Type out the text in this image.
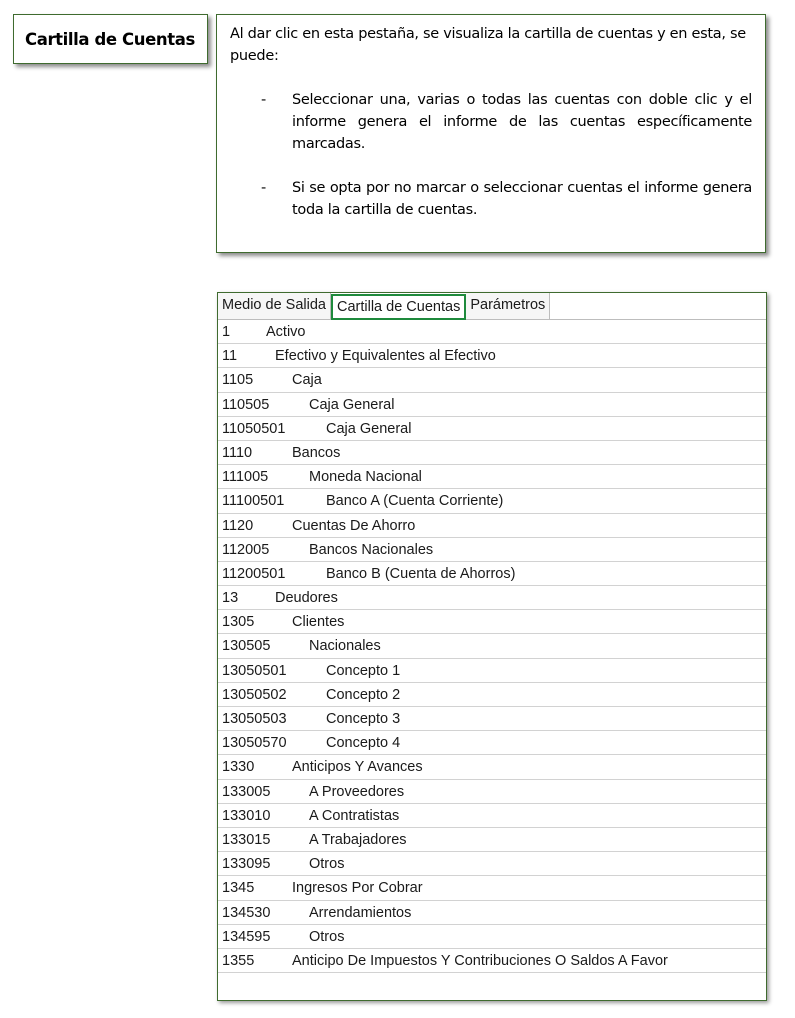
Cartilla de Cuentas Al dar clic en esta pestaña, se visualiza la cartilla de cuentas y en esta, se puede:

-	Seleccionar una, varias o todas las cuentas con doble clic y el informe genera el informe de las cuentas específicamente marcadas.
-	Si se opta por no marcar o seleccionar cuentas el informe genera toda la cartilla de cuentas.
Medio de Salida Cartilla de Cuentas Parámetros
1	Activo
11	Efectivo y Equivalentes al Efectivo
1105	Caja
110505	Caja General
11050501	Caja General
1110	Bancos
111005	Moneda Nacional
11100501	Banco A (Cuenta Corriente)
1120	Cuentas De Ahorro
112005	Bancos Nacionales
11200501	Banco B (Cuenta de Ahorros)
13	Deudores
1305	Clientes
130505	Nacionales
13050501	Concepto 1
13050502	Concepto 2
13050503	Concepto 3
13050570	Concepto 4
1330	Anticipos Y Avances
133005	A Proveedores
133010	A Contratistas
133015	A Trabajadores
133095	Otros
1345	Ingresos Por Cobrar
134530	Arrendamientos
134595	Otros
1355	Anticipo De Impuestos Y Contribuciones O Saldos A Favor
